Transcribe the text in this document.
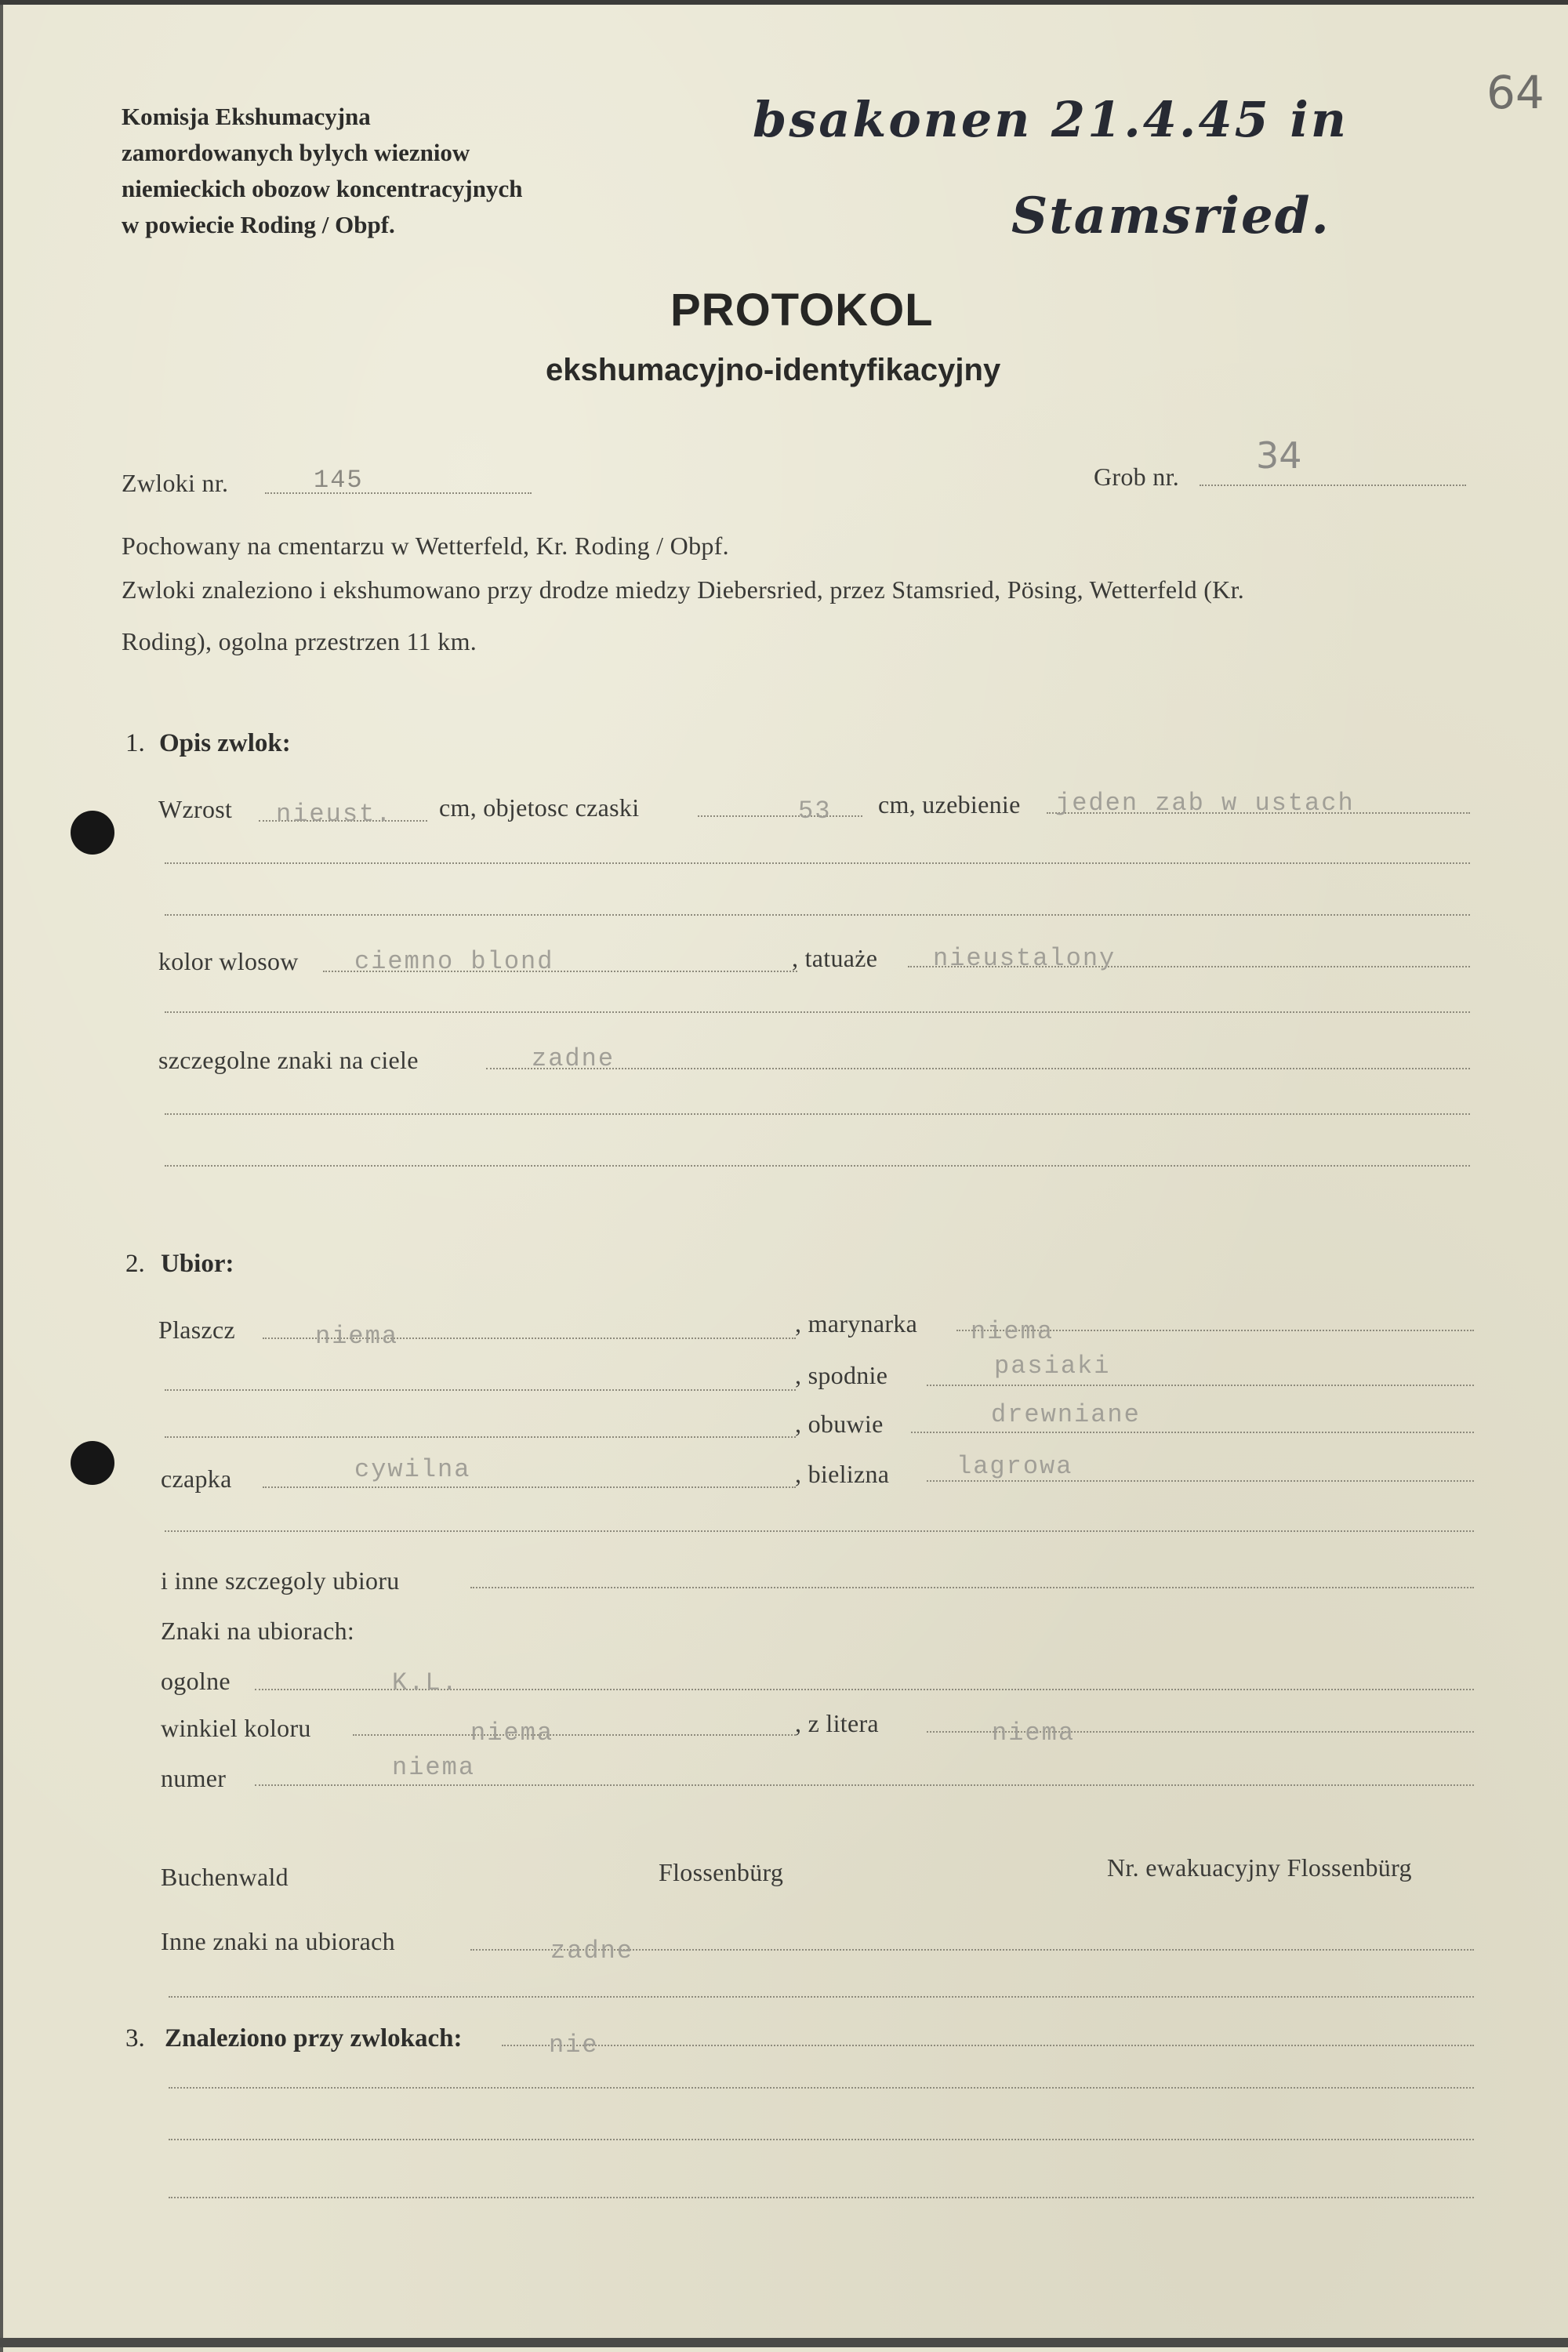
Komisja Ekshumacyjna
zamordowanych bylych wiezniow
niemieckich obozow koncentracyjnych
w powiecie Roding / Obpf.
64
bsakonen 21.4.45 in
Stamsried.
PROTOKOL
ekshumacyjno-identyfikacyjny
Zwloki nr.	145	Grob nr. 34
Pochowany na cmentarzu w Wetterfeld, Kr. Roding / Obpf.
Zwloki znaleziono i ekshumowano przy drodze miedzy Diebersried, przez Stamsried, Pösing, Wetterfeld (Kr.
Roding), ogolna przestrzen 11 km.
1. Opis zwlok:
Wzrost nieust. cm, objetosc czaski	53 cm, uzebienie jeden zab w ustach
kolor wlosow ciemno blond	, tatuaże nieustalony
szczegolne znaki na ciele	zadne
2. Ubior:
Plaszcz	niema	, marynarka niema
, spodnie	pasiaki
, obuwie	drewniane
czapka	cywilna	, bielizna	lagrowa
i inne szczegoly ubioru
Znaki na ubiorach:
ogolne	K.L.
winkiel koloru	niema	, z litera	niema
numer	niema
Buchenwald	Flossenbürg	Nr. ewakuacyjny Flossenbürg
Inne znaki na ubiorach	zadne
3. Znaleziono przy zwlokach:	nie
